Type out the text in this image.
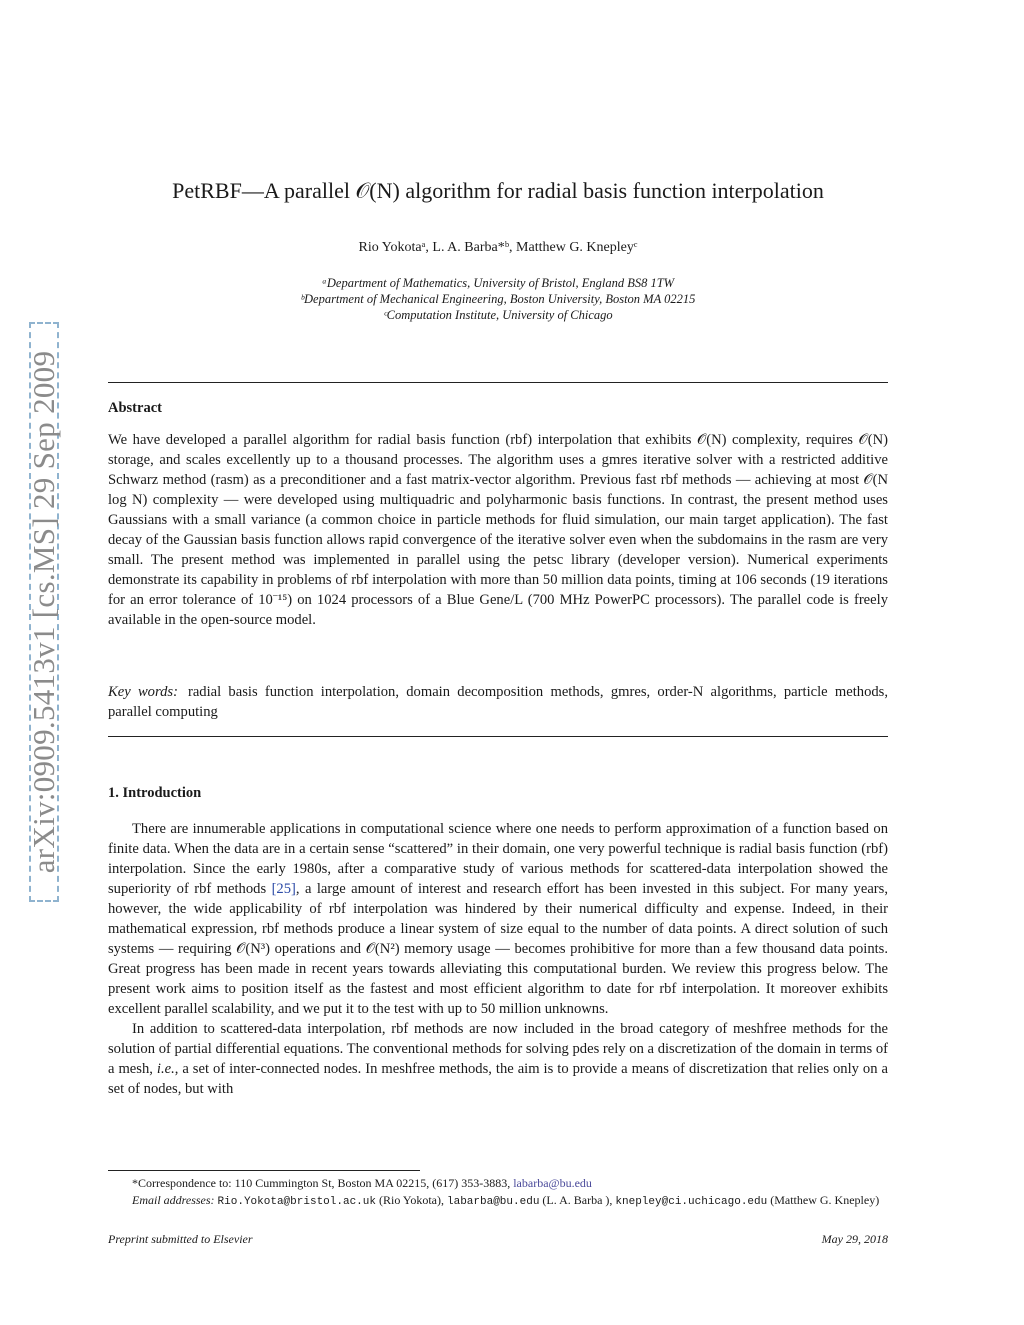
arXiv:0909.5413v1 [cs.MS] 29 Sep 2009
PetRBF—A parallel 𝒪(N) algorithm for radial basis function interpolation
Rio Yokotaᵃ, L. A. Barba*ᵇ, Matthew G. Knepleyᶜ
ᵃDepartment of Mathematics, University of Bristol, England BS8 1TW
ᵇDepartment of Mechanical Engineering, Boston University, Boston MA 02215
ᶜComputation Institute, University of Chicago
Abstract

We have developed a parallel algorithm for radial basis function (rbf) interpolation that exhibits 𝒪(N) complexity, requires 𝒪(N) storage, and scales excellently up to a thousand processes. The algorithm uses a gmres iterative solver with a restricted additive Schwarz method (rasm) as a preconditioner and a fast matrix-vector algorithm. Previous fast rbf methods — achieving at most 𝒪(N log N) complexity — were developed using multiquadric and polyharmonic basis functions. In contrast, the present method uses Gaussians with a small variance (a common choice in particle methods for fluid simulation, our main target application). The fast decay of the Gaussian basis function allows rapid convergence of the iterative solver even when the subdomains in the rasm are very small. The present method was implemented in parallel using the petsc library (developer version). Numerical experiments demonstrate its capability in problems of rbf interpolation with more than 50 million data points, timing at 106 seconds (19 iterations for an error tolerance of 10⁻¹⁵) on 1024 processors of a Blue Gene/L (700 MHz PowerPC processors). The parallel code is freely available in the open-source model.

Key words: radial basis function interpolation, domain decomposition methods, gmres, order-N algorithms, particle methods, parallel computing

1. Introduction

There are innumerable applications in computational science where one needs to perform approximation of a function based on finite data. When the data are in a certain sense “scattered” in their domain, one very powerful technique is radial basis function (rbf) interpolation. Since the early 1980s, after a comparative study of various methods for scattered-data interpolation showed the superiority of rbf methods [25], a large amount of interest and research effort has been invested in this subject. For many years, however, the wide applicability of rbf interpolation was hindered by their numerical difficulty and expense. Indeed, in their mathematical expression, rbf methods produce a linear system of size equal to the number of data points. A direct solution of such systems — requiring 𝒪(N³) operations and 𝒪(N²) memory usage — becomes prohibitive for more than a few thousand data points. Great progress has been made in recent years towards alleviating this computational burden. We review this progress below. The present work aims to position itself as the fastest and most efficient algorithm to date for rbf interpolation. It moreover exhibits excellent parallel scalability, and we put it to the test with up to 50 million unknowns.

In addition to scattered-data interpolation, rbf methods are now included in the broad category of meshfree methods for the solution of partial differential equations. The conventional methods for solving pdes rely on a discretization of the domain in terms of a mesh, i.e., a set of inter-connected nodes. In meshfree methods, the aim is to provide a means of discretization that relies only on a set of nodes, but with

*Correspondence to: 110 Cummington St, Boston MA 02215, (617) 353-3883, labarba@bu.edu
Email addresses: Rio.Yokota@bristol.ac.uk (Rio Yokota), labarba@bu.edu (L. A. Barba ), knepley@ci.uchicago.edu (Matthew G. Knepley)
Preprint submitted to Elsevier	May 29, 2018
